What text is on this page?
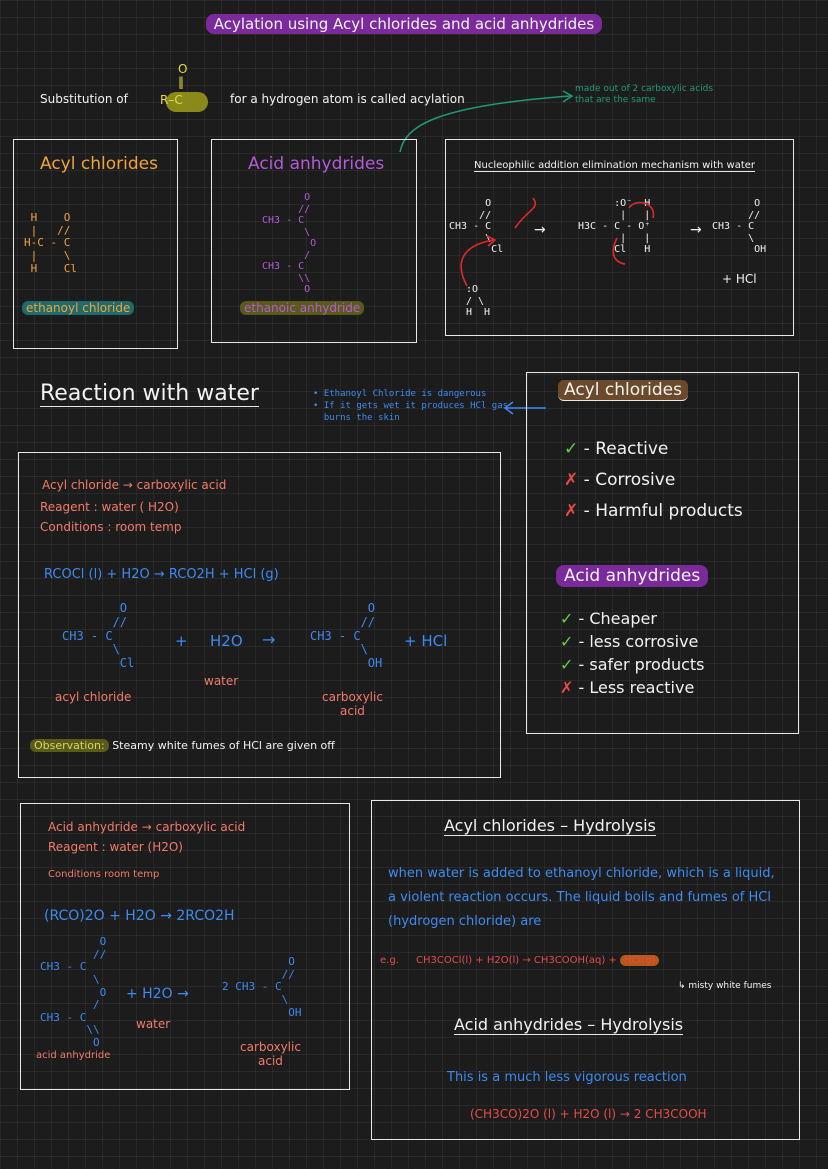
Acylation using Acyl chlorides and acid anhydrides
Substitution of
O
‖
R–C	for a hydrogen atom is called acylation
made out of 2 carboxylic acids that are the same
Acyl chlorides
H    O
|   //
H-C - C
|    \
H    Cl
ethanoyl chloride
Acid anhydrides
O
//
CH3 - C
\
O
/
CH3 - C
\\
O
ethanoic anhydride
Nucleophilic addition elimination mechanism with water
O
//
CH3 - C
\
Cl
→
:O⁻  H
|   |
H3C - C - O⁺
|   |
Cl   H
→
O
//
CH3 - C
\
OH
:O
/ \
H  H
+ HCl
Reaction with water	• Ethanoyl Chloride is dangerous
• If it gets wet it produces HCl gas
burns the skin
Acyl chloride → carboxylic acid
Reagent : water ( H2O)
Conditions : room temp
RCOCl (l) + H2O → RCO2H + HCl (g)
O
//
CH3 - C
\
Cl
+ H2O →
O
//
CH3 - C
\
OH
+ HCl
acyl chloride
water
carboxylic
acid
Observation: Steamy white fumes of HCl are given off
Acyl chlorides
✓ - Reactive
✗ - Corrosive
✗ - Harmful products
Acid anhydrides
✓ - Cheaper
✓ - less corrosive
✓ - safer products
✗ - Less reactive
Acid anhydride → carboxylic acid
Reagent : water (H2O)
Conditions room temp
(RCO)2O + H2O → 2RCO2H
O
//
CH3 - C
\
O
/
CH3 - C
\\
O
+ H2O →
water
O
//
2 CH3 - C
\
OH
acid anhydride
carboxylic
acid
Acyl chlorides – Hydrolysis
when water is added to ethanoyl chloride, which is a liquid, a violent reaction occurs. The liquid boils and fumes of HCl (hydrogen chloride) are
e.g. CH3COCl(l) + H2O(l) → CH3COOH(aq) + HCl(g)
↳ misty white fumes
Acid anhydrides – Hydrolysis
This is a much less vigorous reaction
(CH3CO)2O (l) + H2O (l) → 2 CH3COOH
